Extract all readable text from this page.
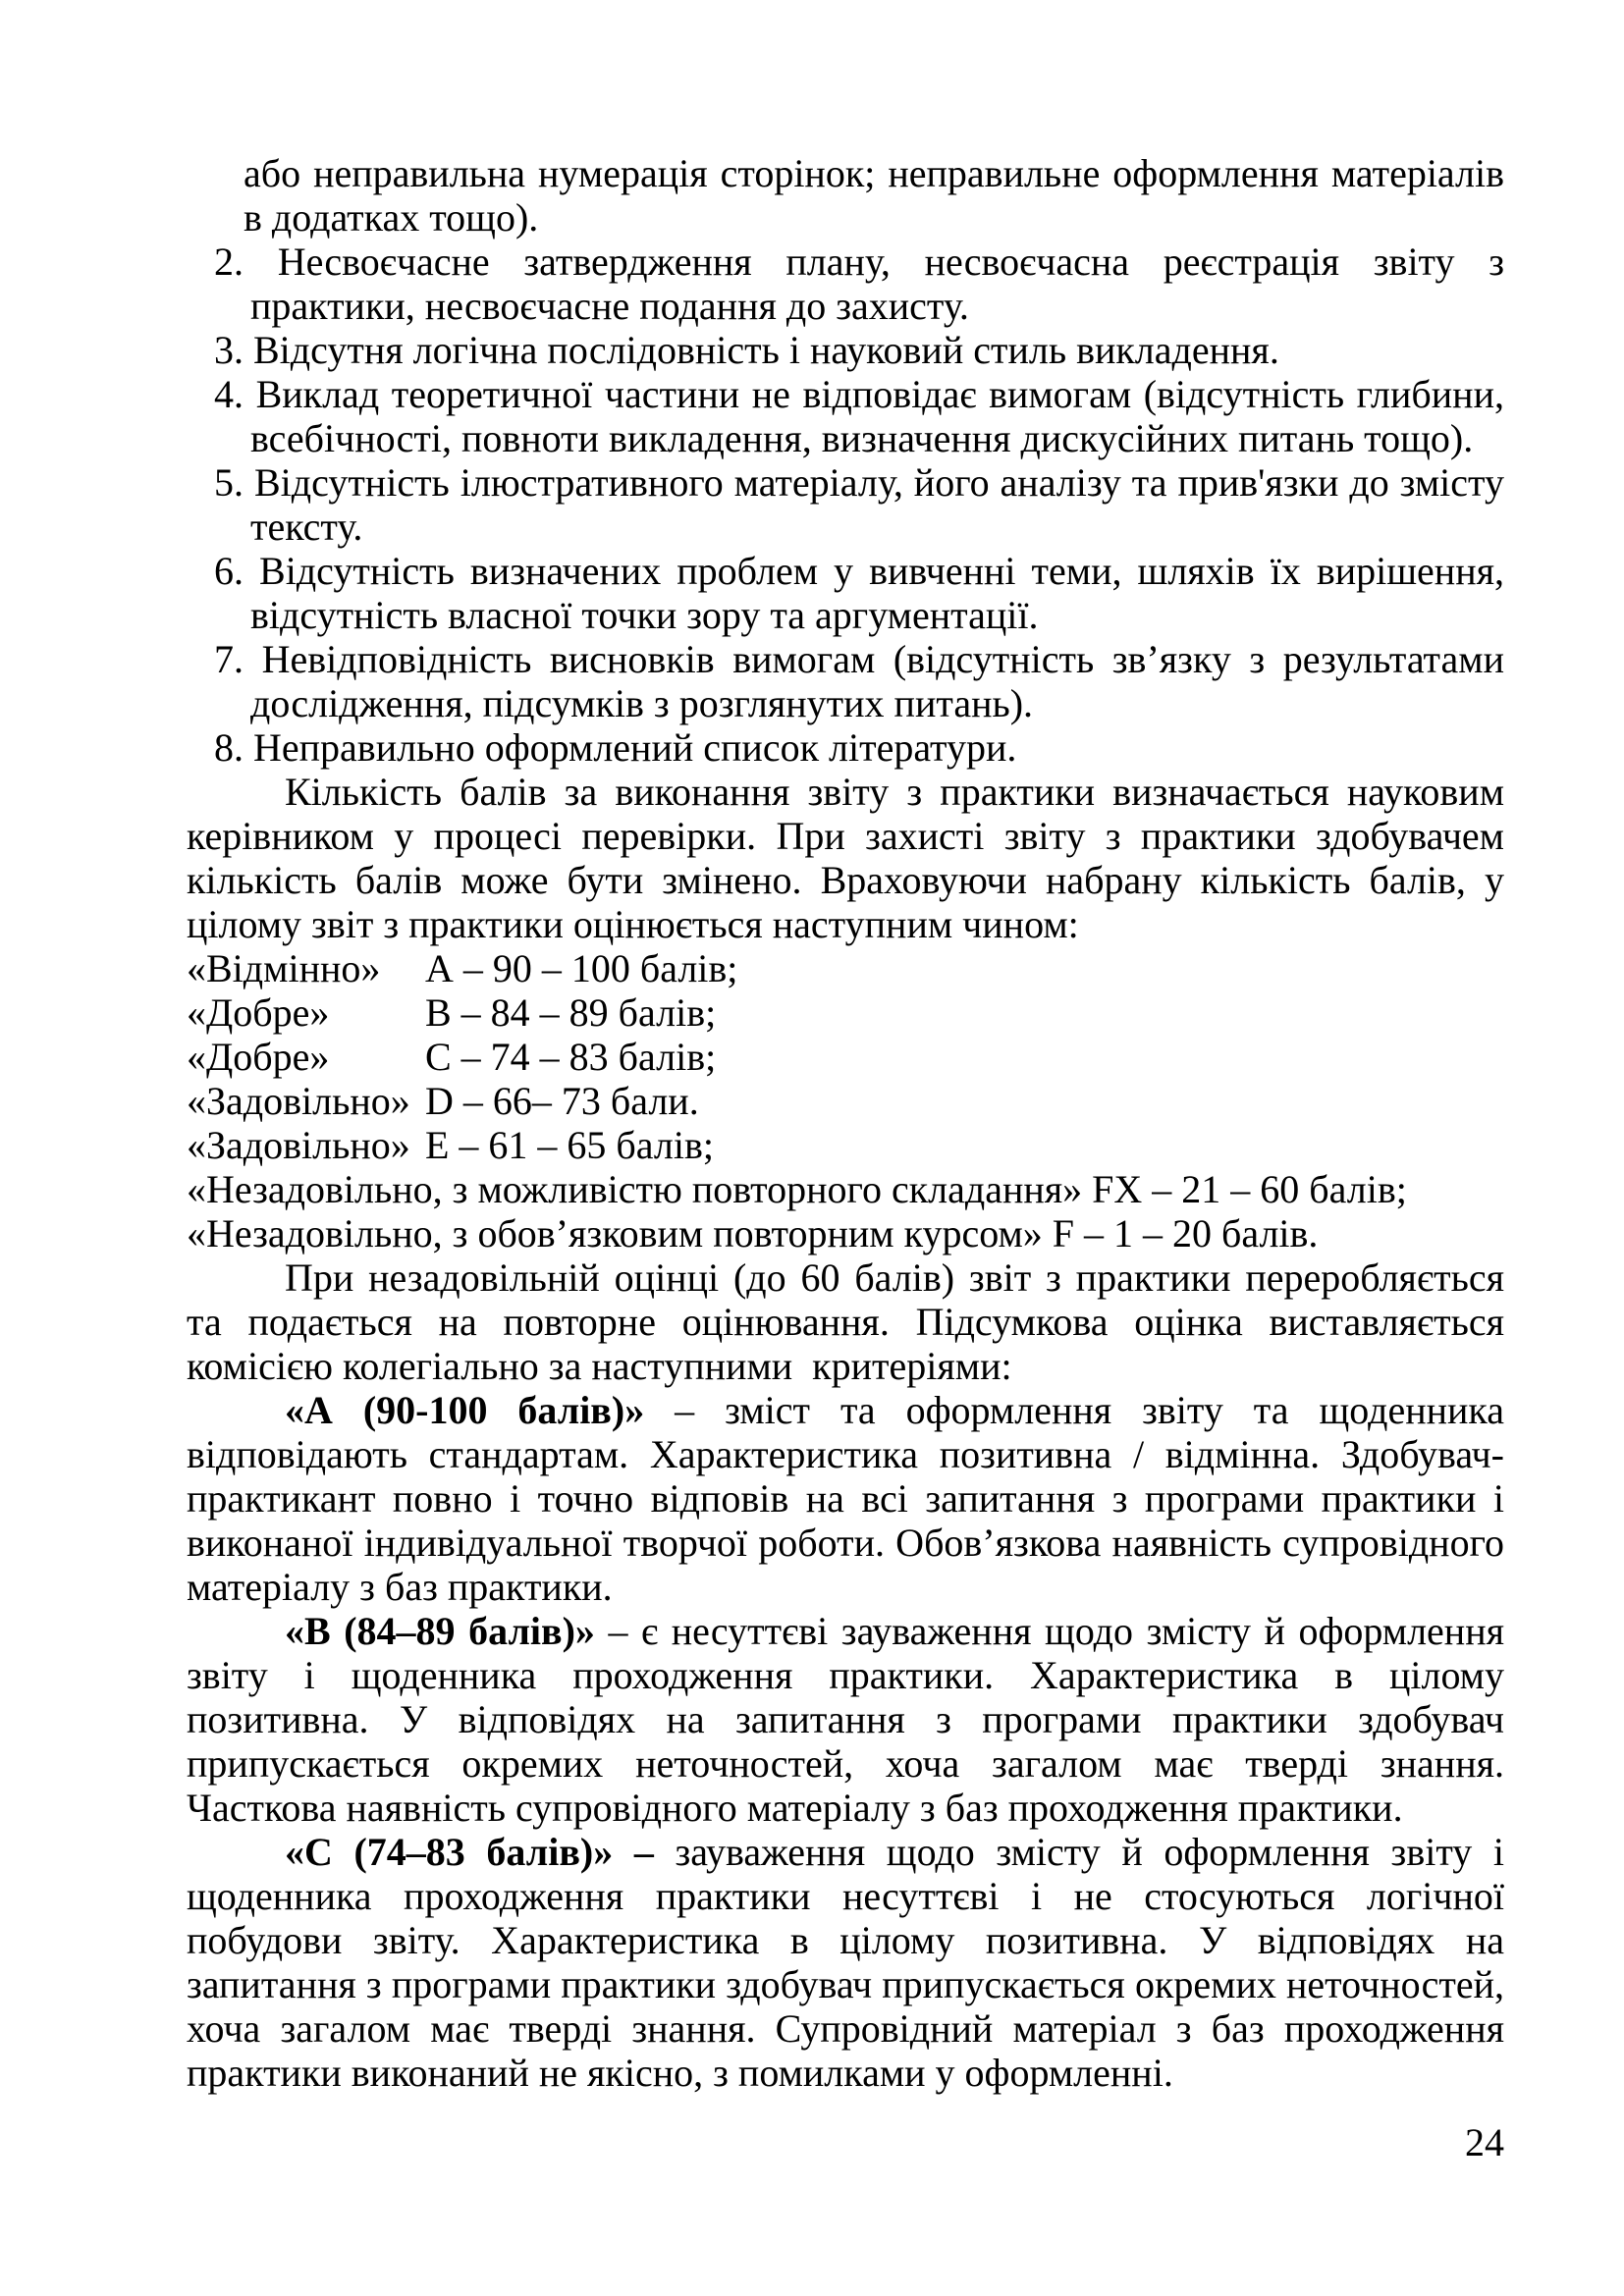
або неправильна нумерація сторінок; неправильне оформлення матеріалів в додатках тощо).
2. Несвоєчасне затвердження плану, несвоєчасна реєстрація звіту з практики, несвоєчасне подання до захисту.
3. Відсутня логічна послідовність і науковий стиль викладення.
4. Виклад теоретичної частини не відповідає вимогам (відсутність глибини, всебічності, повноти викладення, визначення дискусійних питань тощо).
5. Відсутність ілюстративного матеріалу, його аналізу та прив'язки до змісту тексту.
6. Відсутність визначених проблем у вивченні теми, шляхів їх вирішення, відсутність власної точки зору та аргументації.
7. Невідповідність висновків вимогам (відсутність зв’язку з результатами дослідження, підсумків з розглянутих питань).
8. Неправильно оформлений список літератури.

Кількість балів за виконання звіту з практики визначається науковим керівником у процесі перевірки. При захисті звіту з практики здобувачем кількість балів може бути змінено. Враховуючи набрану кількість балів, у цілому звіт з практики оцінюється наступним чином:

«Відмінно» А – 90 – 100 балів;
«Добре» В – 84 – 89 балів;
«Добре» С – 74 – 83 балів;
«Задовільно» D – 66– 73 бали.
«Задовільно» Е – 61 – 65 балів;
«Незадовільно, з можливістю повторного складання» FX – 21 – 60 балів;
«Незадовільно, з обов’язковим повторним курсом» F – 1 – 20 балів.

При незадовільній оцінці (до 60 балів) звіт з практики переробляється та подається на повторне оцінювання. Підсумкова оцінка виставляється комісією колегіально за наступними  критеріями:

«А (90-100 балів)» – зміст та оформлення звіту та щоденника відповідають стандартам. Характеристика позитивна / відмінна. Здобувач-практикант повно і точно відповів на всі запитання з програми практики і виконаної індивідуальної творчої роботи. Обов’язкова наявність супровідного матеріалу з баз практики.

«В (84–89 балів)» – є несуттєві зауваження щодо змісту й оформлення звіту і щоденника проходження практики. Характеристика в цілому позитивна. У відповідях на запитання з програми практики здобувач припускається окремих неточностей, хоча загалом має тверді знання. Часткова наявність супровідного матеріалу з баз проходження практики.

«С (74–83 балів)» – зауваження щодо змісту й оформлення звіту і щоденника проходження практики несуттєві і не стосуються логічної побудови звіту. Характеристика в цілому позитивна. У відповідях на запитання з програми практики здобувач припускається окремих неточностей, хоча загалом має тверді знання. Супровідний матеріал з баз проходження практики виконаний не якісно, з помилками у оформленні.

24
